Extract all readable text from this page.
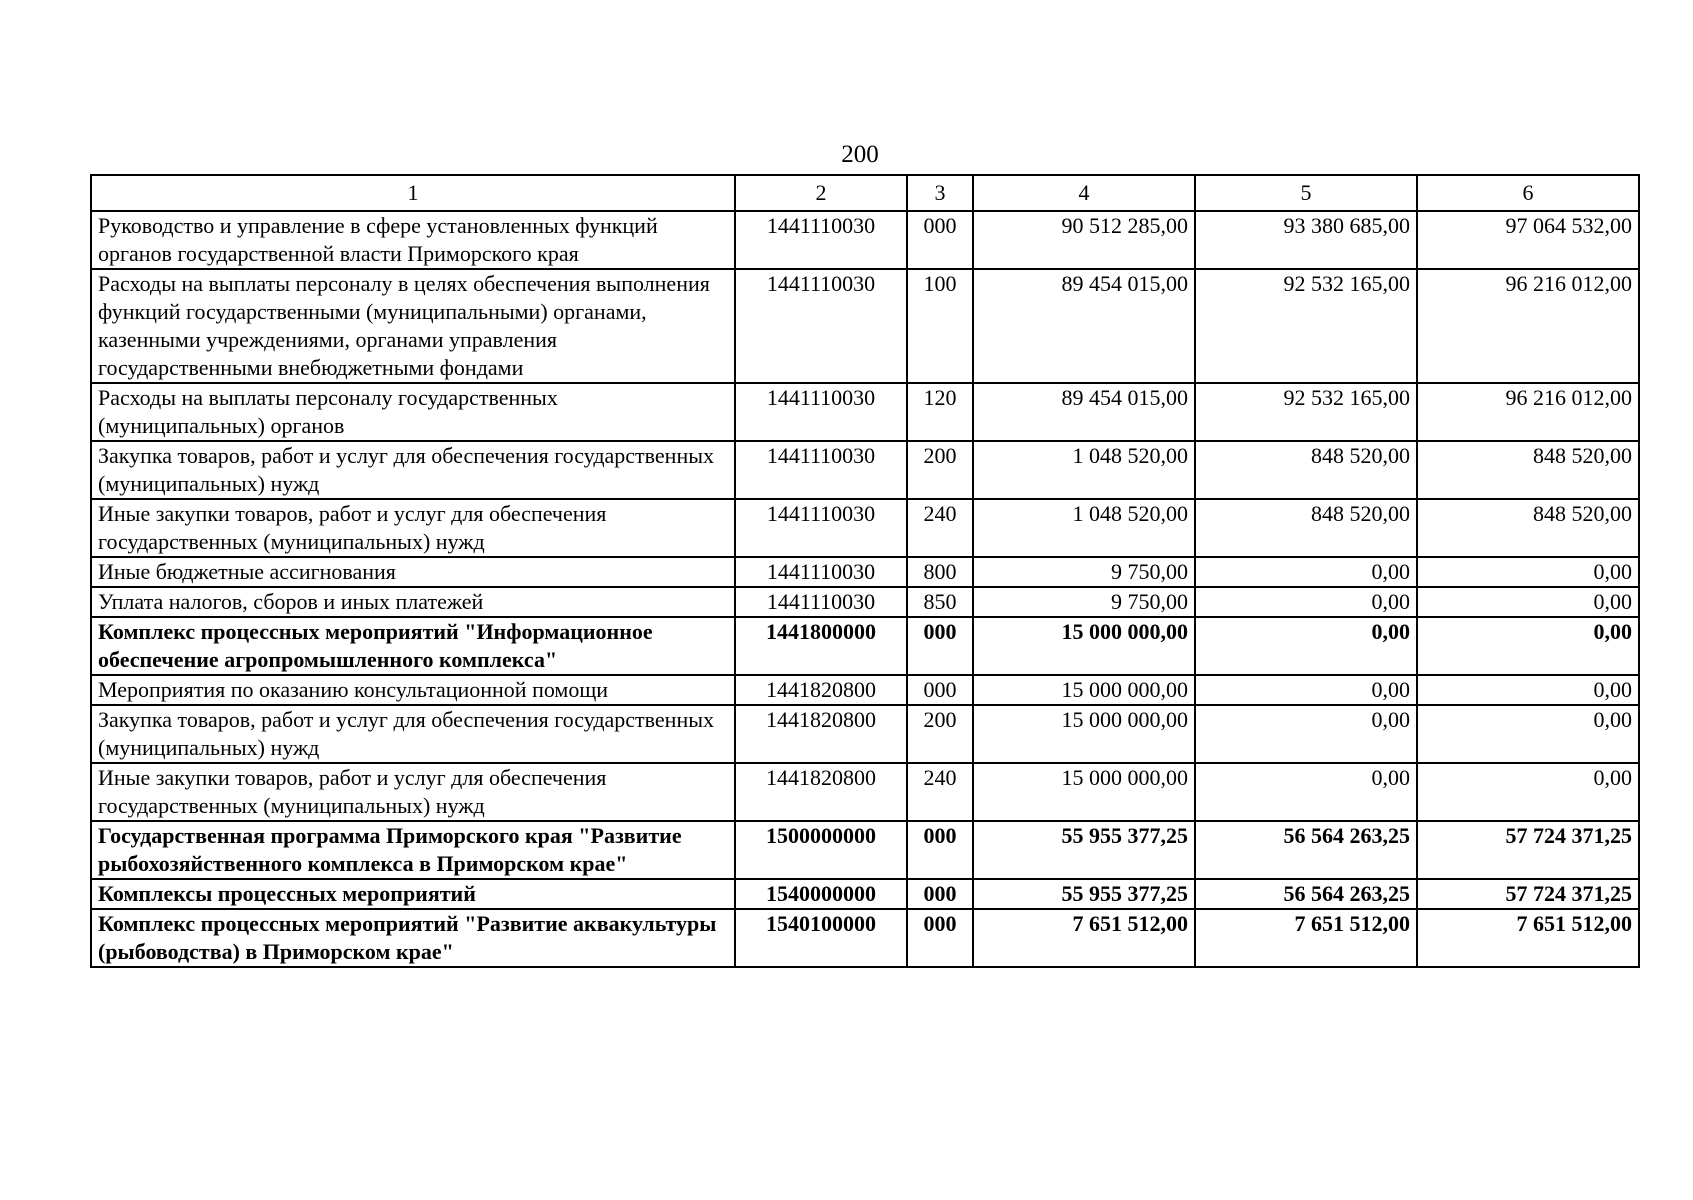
200
1	2	3	4	5	6
Руководство и управление в сфере установленных функций органов государственной власти Приморского края	1441110030	000	90 512 285,00	93 380 685,00	97 064 532,00
Расходы на выплаты персоналу в целях обеспечения выполнения функций государственными (муниципальными) органами, казенными учреждениями, органами управления государственными внебюджетными фондами	1441110030	100	89 454 015,00	92 532 165,00	96 216 012,00
Расходы на выплаты персоналу государственных (муниципальных) органов	1441110030	120	89 454 015,00	92 532 165,00	96 216 012,00
Закупка товаров, работ и услуг для обеспечения государственных (муниципальных) нужд	1441110030	200	1 048 520,00	848 520,00	848 520,00
Иные закупки товаров, работ и услуг для обеспечения государственных (муниципальных) нужд	1441110030	240	1 048 520,00	848 520,00	848 520,00
Иные бюджетные ассигнования	1441110030	800	9 750,00	0,00	0,00
Уплата налогов, сборов и иных платежей	1441110030	850	9 750,00	0,00	0,00
Комплекс процессных мероприятий "Информационное обеспечение агропромышленного комплекса"	1441800000	000	15 000 000,00	0,00	0,00
Мероприятия по оказанию консультационной помощи	1441820800	000	15 000 000,00	0,00	0,00
Закупка товаров, работ и услуг для обеспечения государственных (муниципальных) нужд	1441820800	200	15 000 000,00	0,00	0,00
Иные закупки товаров, работ и услуг для обеспечения государственных (муниципальных) нужд	1441820800	240	15 000 000,00	0,00	0,00
Государственная программа Приморского края "Развитие рыбохозяйственного комплекса в Приморском крае"	1500000000	000	55 955 377,25	56 564 263,25	57 724 371,25
Комплексы процессных мероприятий	1540000000	000	55 955 377,25	56 564 263,25	57 724 371,25
Комплекс процессных мероприятий "Развитие аквакультуры (рыбоводства) в Приморском крае"	1540100000	000	7 651 512,00	7 651 512,00	7 651 512,00
